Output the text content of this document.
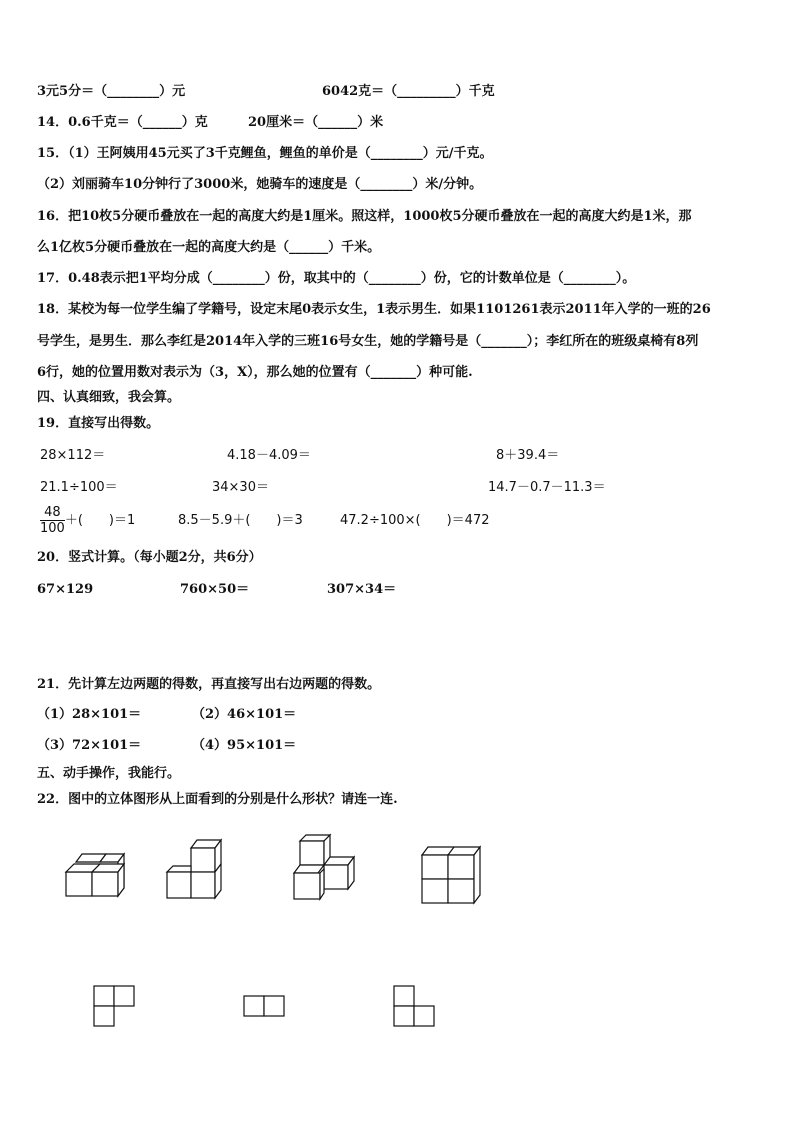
3元5分＝（________）元	6042克＝（_________）千克
14．0.6千克＝（______）克	20厘米＝（______）米
15．（1）王阿姨用45元买了3千克鲤鱼，鲤鱼的单价是（________）元/千克。
（2）刘丽骑车10分钟行了3000米，她骑车的速度是（________）米/分钟。
16．把10枚5分硬币叠放在一起的高度大约是1厘米。照这样，1000枚5分硬币叠放在一起的高度大约是1米，那
么1亿枚5分硬币叠放在一起的高度大约是（______）千米。
17．0.48表示把1平均分成（________）份，取其中的（________）份，它的计数单位是（________）。
18．某校为每一位学生编了学籍号，设定末尾0表示女生，1表示男生．如果1101261表示2011年入学的一班的26
号学生，是男生．那么李红是2014年入学的三班16号女生，她的学籍号是（_______）；李红所在的班级桌椅有8列
6行，她的位置用数对表示为（3，X），那么她的位置有（_______）种可能.
四、认真细致，我会算。
19．直接写出得数。
28×112＝	4.18－4.09＝	8＋39.4＝
21.1÷100＝	34×30＝	14.7－0.7－11.3＝
$\frac{48}{100}$ ＋(　　)＝1	8.5－5.9＋(　　)＝3	47.2÷100×(　　)＝472
20．竖式计算。（每小题2分，共6分）
67×129	760×50＝	307×34＝
21．先计算左边两题的得数，再直接写出右边两题的得数。
（1）28×101＝	（2）46×101＝
（3）72×101＝	（4）95×101＝
五、动手操作，我能行。
22．图中的立体图形从上面看到的分别是什么形状？请连一连.
